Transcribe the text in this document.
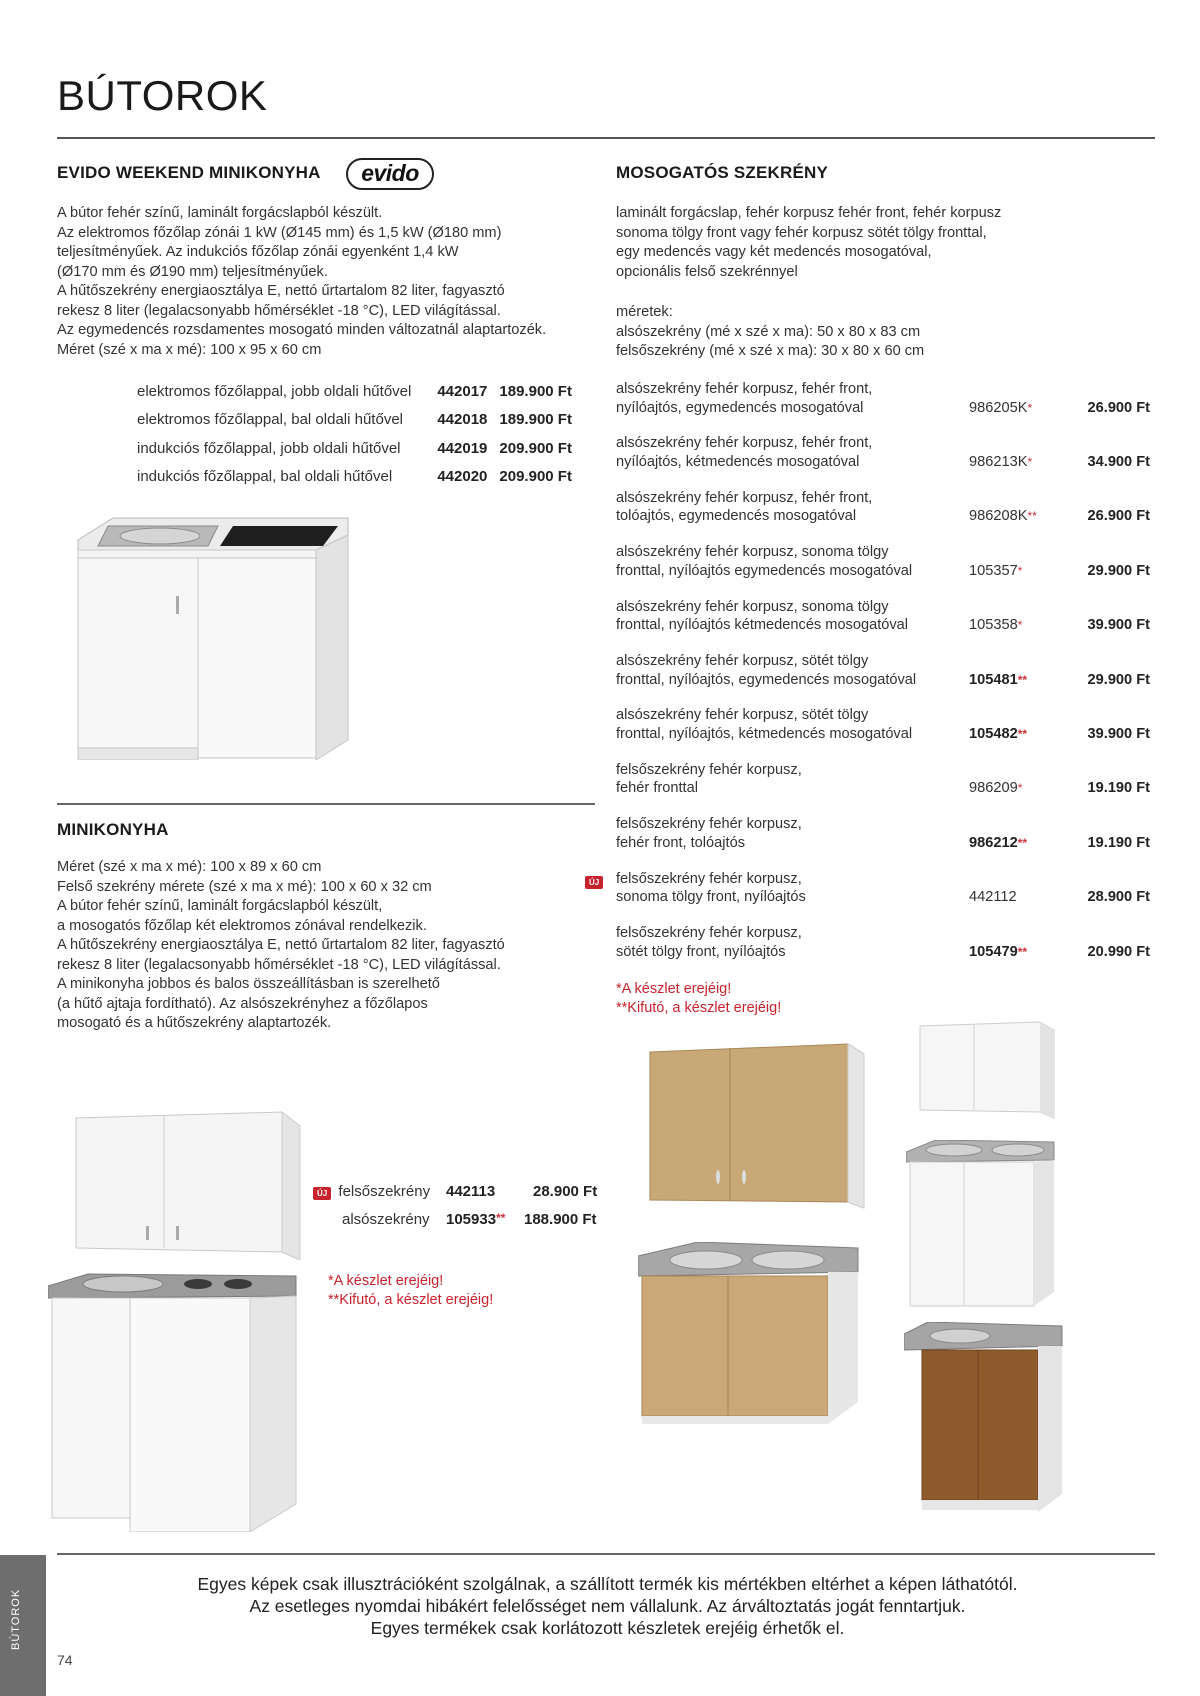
BÚTOROK
EVIDO WEEKEND MINIKONYHA	evido
A bútor fehér színű, laminált forgácslapból készült.
Az elektromos főzőlap zónái 1 kW (Ø145 mm) és 1,5 kW (Ø180 mm)
teljesítményűek. Az indukciós főzőlap zónái egyenként 1,4 kW
(Ø170 mm és Ø190 mm) teljesítményűek.
A hűtőszekrény energiaosztálya E, nettó űrtartalom 82 liter, fagyasztó
rekesz 8 liter (legalacsonyabb hőmérséklet -18 °C), LED világítással.
Az egymedencés rozsdamentes mosogató minden változatnál alaptartozék.
Méret (szé x ma x mé): 100 x 95 x 60 cm
elektromos főzőlappal, jobb oldali hűtővel	442017	189.900 Ft
elektromos főzőlappal, bal oldali hűtővel	442018	189.900 Ft
indukciós főzőlappal, jobb oldali hűtővel	442019	209.900 Ft
indukciós főzőlappal, bal oldali hűtővel	442020	209.900 Ft
MINIKONYHA
Méret (szé x ma x mé): 100 x 89 x 60 cm
Felső szekrény mérete (szé x ma x mé): 100 x 60 x 32 cm
A bútor fehér színű, laminált forgácslapból készült,
a mosogatós főzőlap két elektromos zónával rendelkezik.
A hűtőszekrény energiaosztálya E, nettó űrtartalom 82 liter, fagyasztó
rekesz 8 liter (legalacsonyabb hőmérséklet -18 °C), LED világítással.
A minikonyha jobbos és balos összeállításban is szerelhető
(a hűtő ajtaja fordítható). Az alsószekrényhez a főzőlapos
mosogató és a hűtőszekrény alaptartozék.
ÚJ felsőszekrény 442113	28.900 Ft
alsószekrény 105933** 188.900 Ft
*A készlet erejéig!
**Kifutó, a készlet erejéig!
MOSOGATÓS SZEKRÉNY
laminált forgácslap, fehér korpusz fehér front, fehér korpusz
sonoma tölgy front vagy fehér korpusz sötét tölgy fronttal,
egy medencés vagy két medencés mosogatóval,
opcionális felső szekrénnyel
méretek:
alsószekrény (mé x szé x ma): 50 x 80 x 83 cm
felsőszekrény (mé x szé x ma): 30 x 80 x 60 cm
alsószekrény fehér korpusz, fehér front,
nyílóajtós, egymedencés mosogatóval	986205K*	26.900 Ft
alsószekrény fehér korpusz, fehér front,
nyílóajtós, kétmedencés mosogatóval	986213K*	34.900 Ft
alsószekrény fehér korpusz, fehér front,
tolóajtós, egymedencés mosogatóval	986208K**	26.900 Ft
alsószekrény fehér korpusz, sonoma tölgy
fronttal, nyílóajtós egymedencés mosogatóval	105357*	29.900 Ft
alsószekrény fehér korpusz, sonoma tölgy
fronttal, nyílóajtós kétmedencés mosogatóval	105358*	39.900 Ft
alsószekrény fehér korpusz, sötét tölgy
fronttal, nyílóajtós, egymedencés mosogatóval	105481**	29.900 Ft
alsószekrény fehér korpusz, sötét tölgy
fronttal, nyílóajtós, kétmedencés mosogatóval	105482**	39.900 Ft
felsőszekrény fehér korpusz,
fehér fronttal	986209*	19.190 Ft
felsőszekrény fehér korpusz,
fehér front, tolóajtós	986212**	19.190 Ft
ÚJ felsőszekrény fehér korpusz,
sonoma tölgy front, nyílóajtós	442112	28.900 Ft
felsőszekrény fehér korpusz,
sötét tölgy front, nyílóajtós	105479**	20.990 Ft
*A készlet erejéig!
**Kifutó, a készlet erejéig!
Egyes képek csak illusztrációként szolgálnak, a szállított termék kis mértékben eltérhet a képen láthatótól.
Az esetleges nyomdai hibákért felelősséget nem vállalunk. Az árváltoztatás jogát fenntartjuk.
Egyes termékek csak korlátozott készletek erejéig érhetők el.
BÚTOROK
74
